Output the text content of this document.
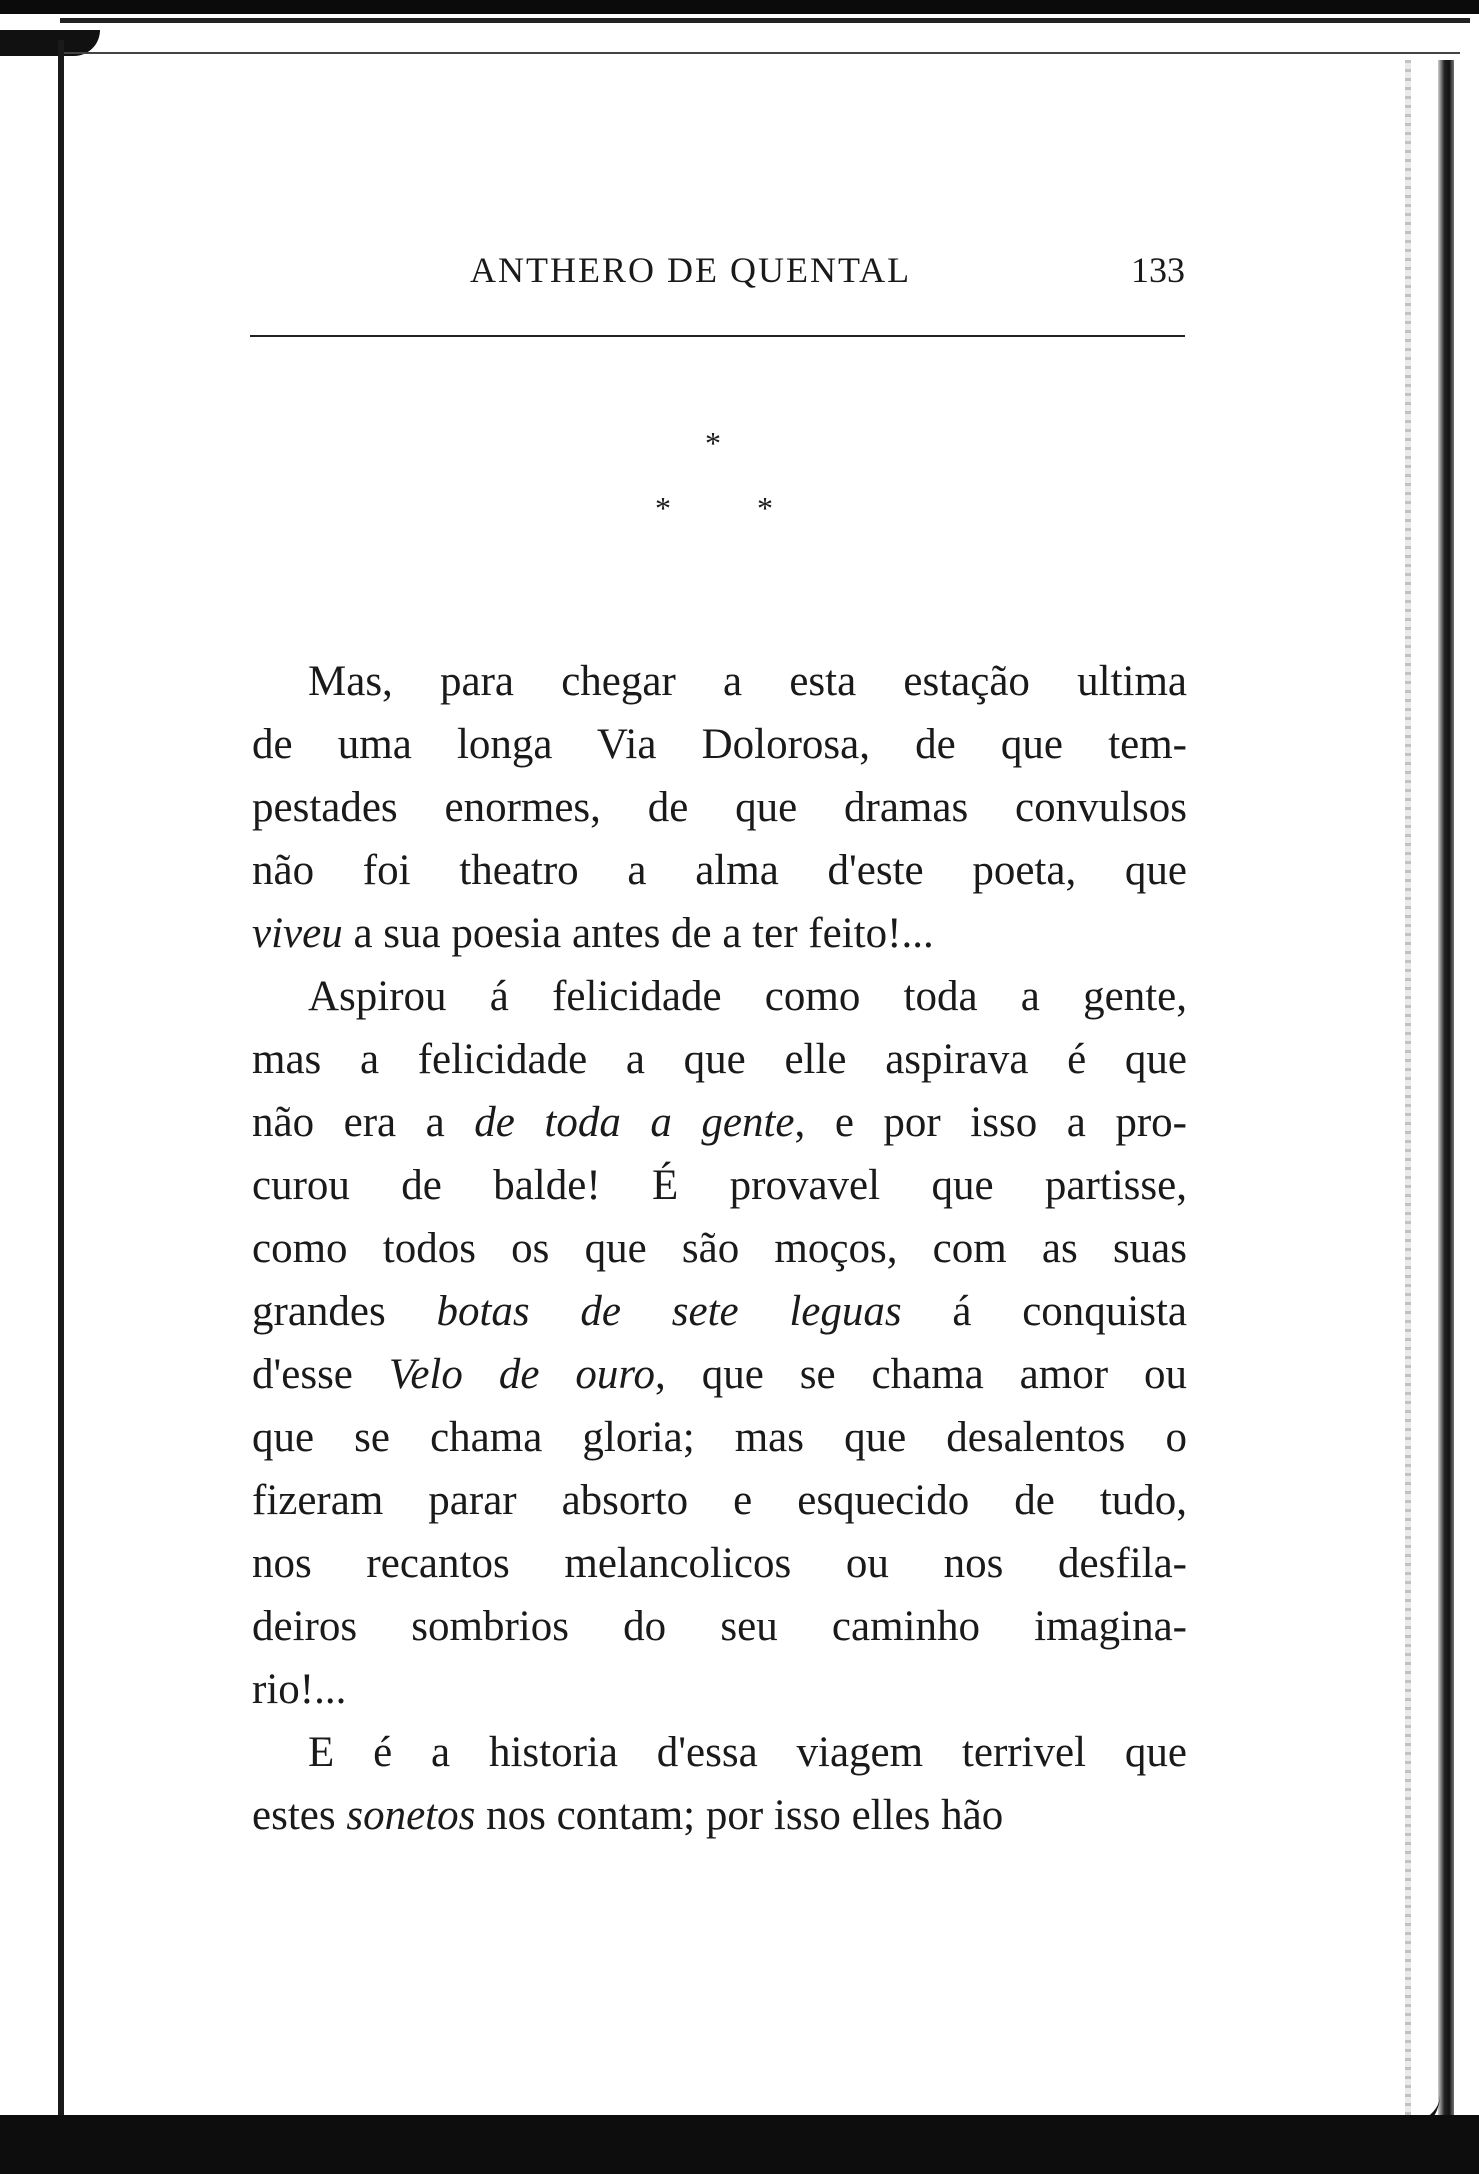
ANTHERO DE QUENTAL	133
*
*	*
Mas, para chegar a esta estação ultima
de uma longa Via Dolorosa, de que tem-
pestades enormes, de que dramas convulsos
não foi theatro a alma d'este poeta, que
viveu a sua poesia antes de a ter feito!...
Aspirou á felicidade como toda a gente,
mas a felicidade a que elle aspirava é que
não era a de toda a gente, e por isso a pro-
curou de balde! É provavel que partisse,
como todos os que são moços, com as suas
grandes botas de sete leguas á conquista
d'esse Velo de ouro, que se chama amor ou
que se chama gloria; mas que desalentos o
fizeram parar absorto e esquecido de tudo,
nos recantos melancolicos ou nos desfila-
deiros sombrios do seu caminho imagina-
rio!...
E é a historia d'essa viagem terrivel que
estes sonetos nos contam; por isso elles hão
